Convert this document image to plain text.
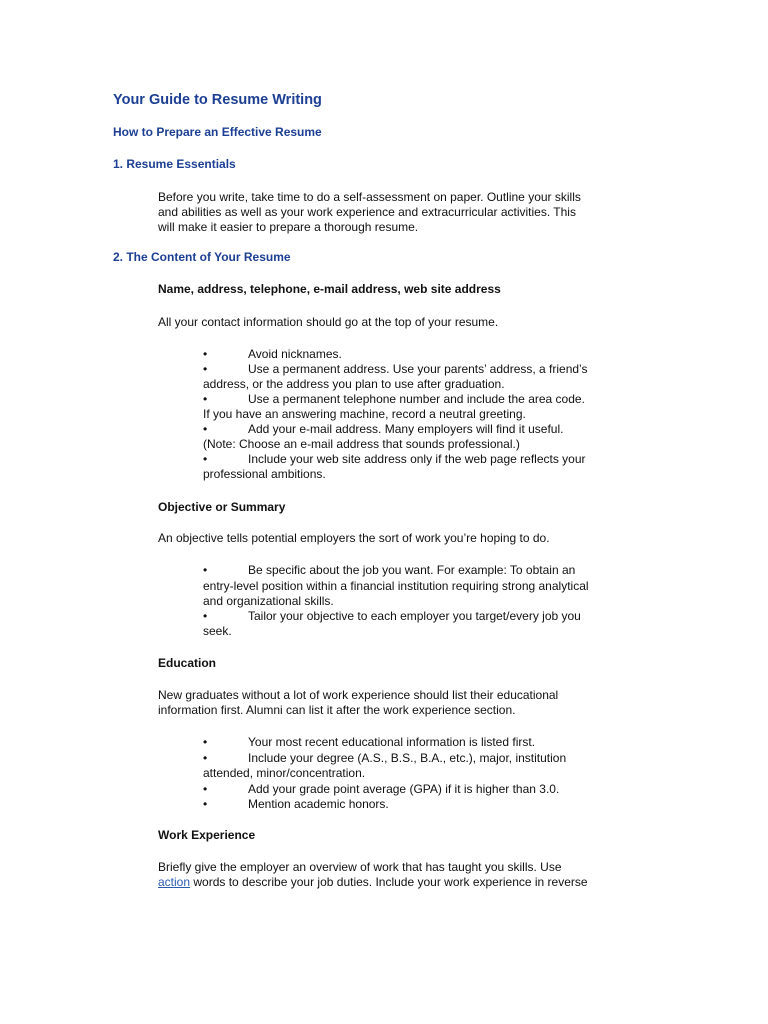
Your Guide to Resume Writing

How to Prepare an Effective Resume

1. Resume Essentials

Before you write, take time to do a self-assessment on paper. Outline your skills
and abilities as well as your work experience and extracurricular activities. This
will make it easier to prepare a thorough resume.

2. The Content of Your Resume

Name, address, telephone, e-mail address, web site address

All your contact information should go at the top of your resume.

•	Avoid nicknames.
•	Use a permanent address. Use your parents’ address, a friend’s

address, or the address you plan to use after graduation.

•	Use a permanent telephone number and include the area code.

If you have an answering machine, record a neutral greeting.

•	Add your e-mail address. Many employers will find it useful.

(Note: Choose an e-mail address that sounds professional.)

•	Include your web site address only if the web page reflects your

professional ambitions.

Objective or Summary

An objective tells potential employers the sort of work you’re hoping to do.

•	Be specific about the job you want. For example: To obtain an

entry-level position within a financial institution requiring strong analytical

and organizational skills.

•	Tailor your objective to each employer you target/every job you

seek.

Education

New graduates without a lot of work experience should list their educational
information first. Alumni can list it after the work experience section.
•	Your most recent educational information is listed first.
•	Include your degree (A.S., B.S., B.A., etc.), major, institution

attended, minor/concentration.

•	Add your grade point average (GPA) if it is higher than 3.0.
•	Mention academic honors.

Work Experience

Briefly give the employer an overview of work that has taught you skills. Use
action words to describe your job duties. Include your work experience in reverse
